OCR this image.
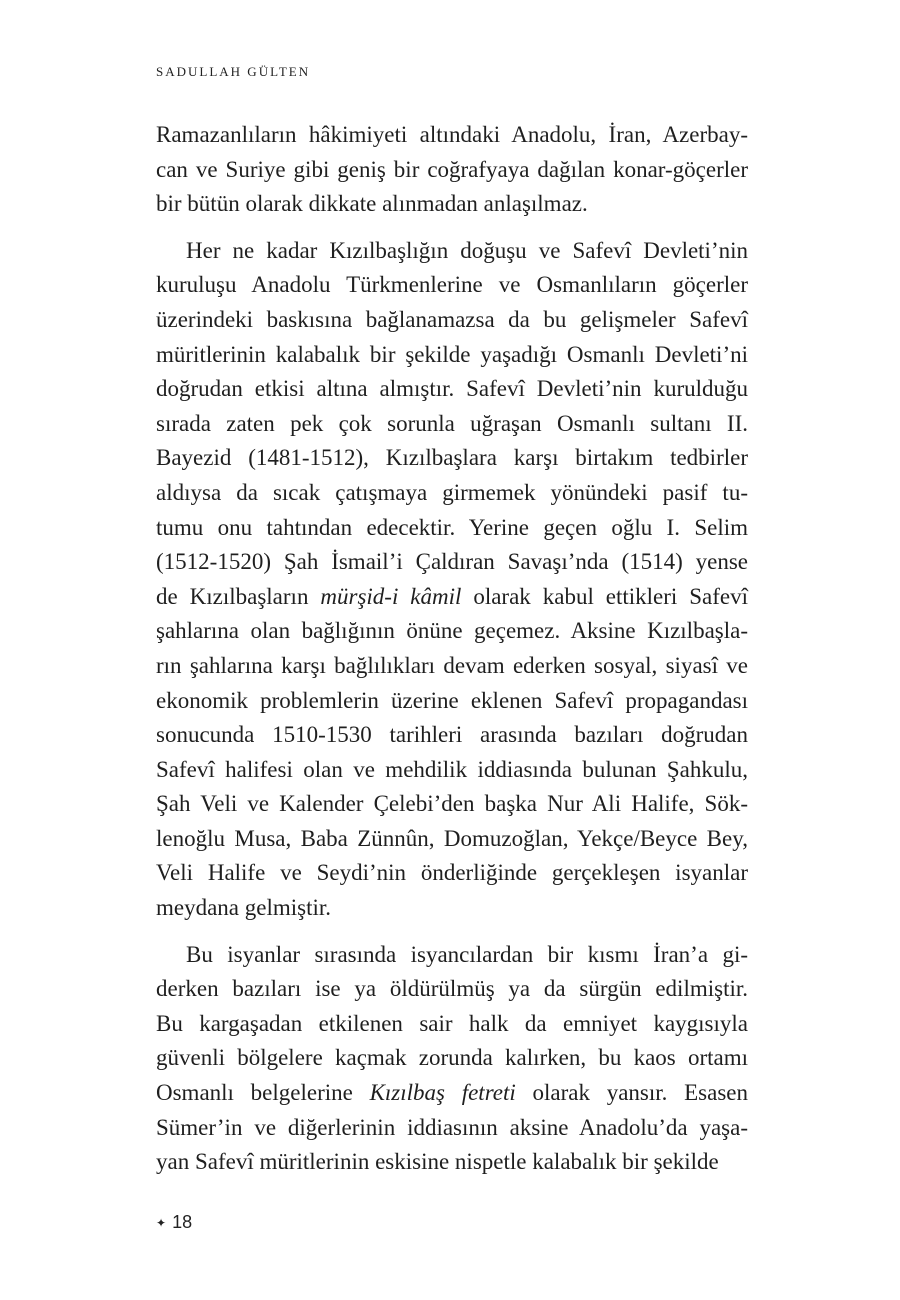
SADULLAH GÜLTEN
Ramazanlıların hâkimiyeti altındaki Anadolu, İran, Azerbay-
can ve Suriye gibi geniş bir coğrafyaya dağılan konar-göçerler
bir bütün olarak dikkate alınmadan anlaşılmaz.
Her ne kadar Kızılbaşlığın doğuşu ve Safevî Devleti’nin
kuruluşu Anadolu Türkmenlerine ve Osmanlıların göçerler
üzerindeki baskısına bağlanamazsa da bu gelişmeler Safevî
müritlerinin kalabalık bir şekilde yaşadığı Osmanlı Devleti’ni
doğrudan etkisi altına almıştır. Safevî Devleti’nin kurulduğu
sırada zaten pek çok sorunla uğraşan Osmanlı sultanı II.
Bayezid (1481-1512), Kızılbaşlara karşı birtakım tedbirler
aldıysa da sıcak çatışmaya girmemek yönündeki pasif tu-
tumu onu tahtından edecektir. Yerine geçen oğlu I. Selim
(1512-1520) Şah İsmail’i Çaldıran Savaşı’nda (1514) yense
de Kızılbaşların mürşid-i kâmil olarak kabul ettikleri Safevî
şahlarına olan bağlığının önüne geçemez. Aksine Kızılbaşla-
rın şahlarına karşı bağlılıkları devam ederken sosyal, siyasî ve
ekonomik problemlerin üzerine eklenen Safevî propagandası
sonucunda 1510-1530 tarihleri arasında bazıları doğrudan
Safevî halifesi olan ve mehdilik iddiasında bulunan Şahkulu,
Şah Veli ve Kalender Çelebi’den başka Nur Ali Halife, Sök-
lenoğlu Musa, Baba Zünnûn, Domuzoğlan, Yekçe/Beyce Bey,
Veli Halife ve Seydi’nin önderliğinde gerçekleşen isyanlar
meydana gelmiştir.
Bu isyanlar sırasında isyancılardan bir kısmı İran’a gi-
derken bazıları ise ya öldürülmüş ya da sürgün edilmiştir.
Bu kargaşadan etkilenen sair halk da emniyet kaygısıyla
güvenli bölgelere kaçmak zorunda kalırken, bu kaos ortamı
Osmanlı belgelerine Kızılbaş fetreti olarak yansır. Esasen
Sümer’in ve diğerlerinin iddiasının aksine Anadolu’da yaşa-
yan Safevî müritlerinin eskisine nispetle kalabalık bir şekilde
✦ 18
